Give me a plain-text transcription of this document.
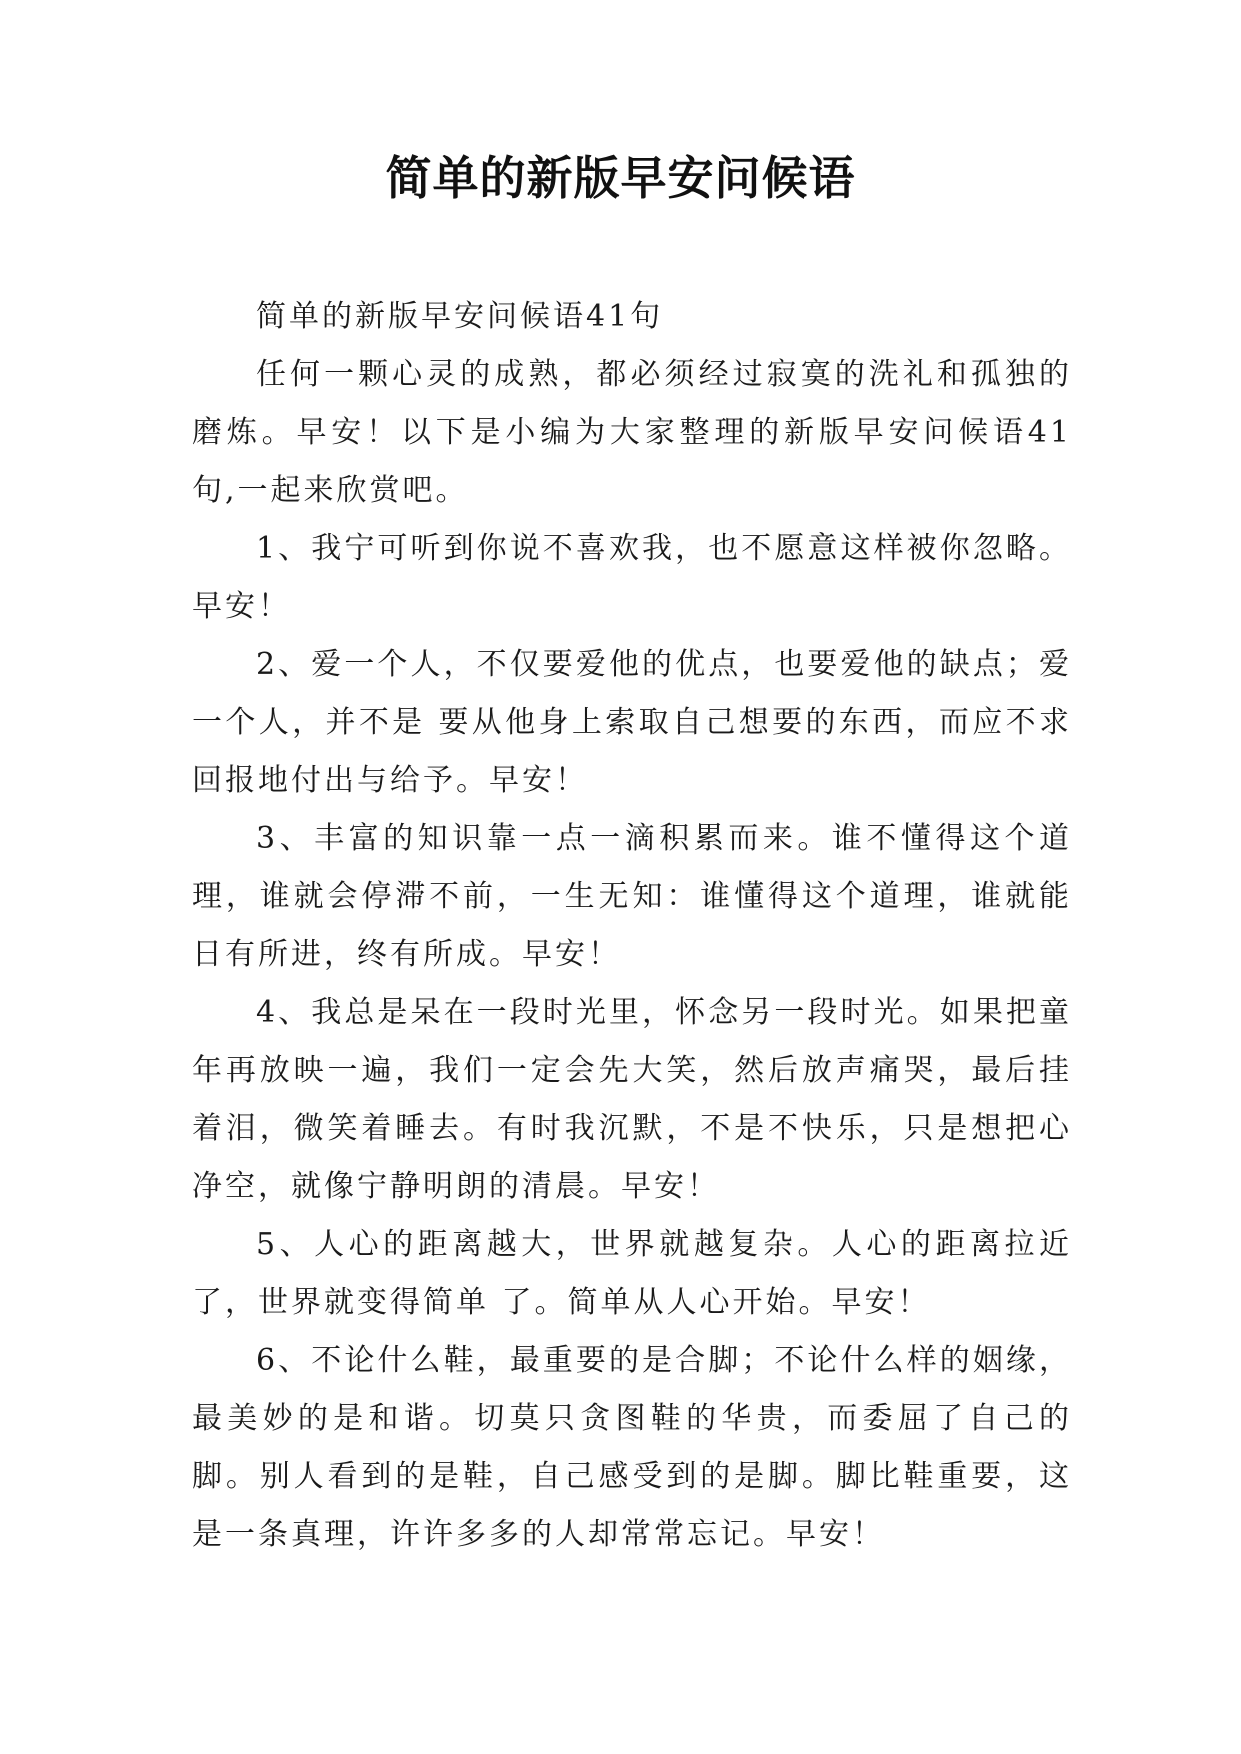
简单的新版早安问候语

简单的新版早安问候语41句

任何一颗心灵的成熟，都必须经过寂寞的洗礼和孤独的磨炼。早安！以下是小编为大家整理的新版早安问候语41句,一起来欣赏吧。

1、我宁可听到你说不喜欢我，也不愿意这样被你忽略。早安！

2、爱一个人，不仅要爱他的优点，也要爱他的缺点；爱一个人，并不是 要从他身上索取自己想要的东西，而应不求回报地付出与给予。早安！

3、丰富的知识靠一点一滴积累而来。谁不懂得这个道理，谁就会停滞不前，一生无知：谁懂得这个道理，谁就能日有所进，终有所成。早安！

4、我总是呆在一段时光里，怀念另一段时光。如果把童年再放映一遍，我们一定会先大笑，然后放声痛哭，最后挂着泪，微笑着睡去。有时我沉默，不是不快乐，只是想把心净空，就像宁静明朗的清晨。早安！

5、人心的距离越大，世界就越复杂。人心的距离拉近了，世界就变得简单 了。简单从人心开始。早安！

6、不论什么鞋，最重要的是合脚；不论什么样的姻缘，最美妙的是和谐。切莫只贪图鞋的华贵，而委屈了自己的脚。别人看到的是鞋，自己感受到的是脚。脚比鞋重要，这是一条真理，许许多多的人却常常忘记。早安！
